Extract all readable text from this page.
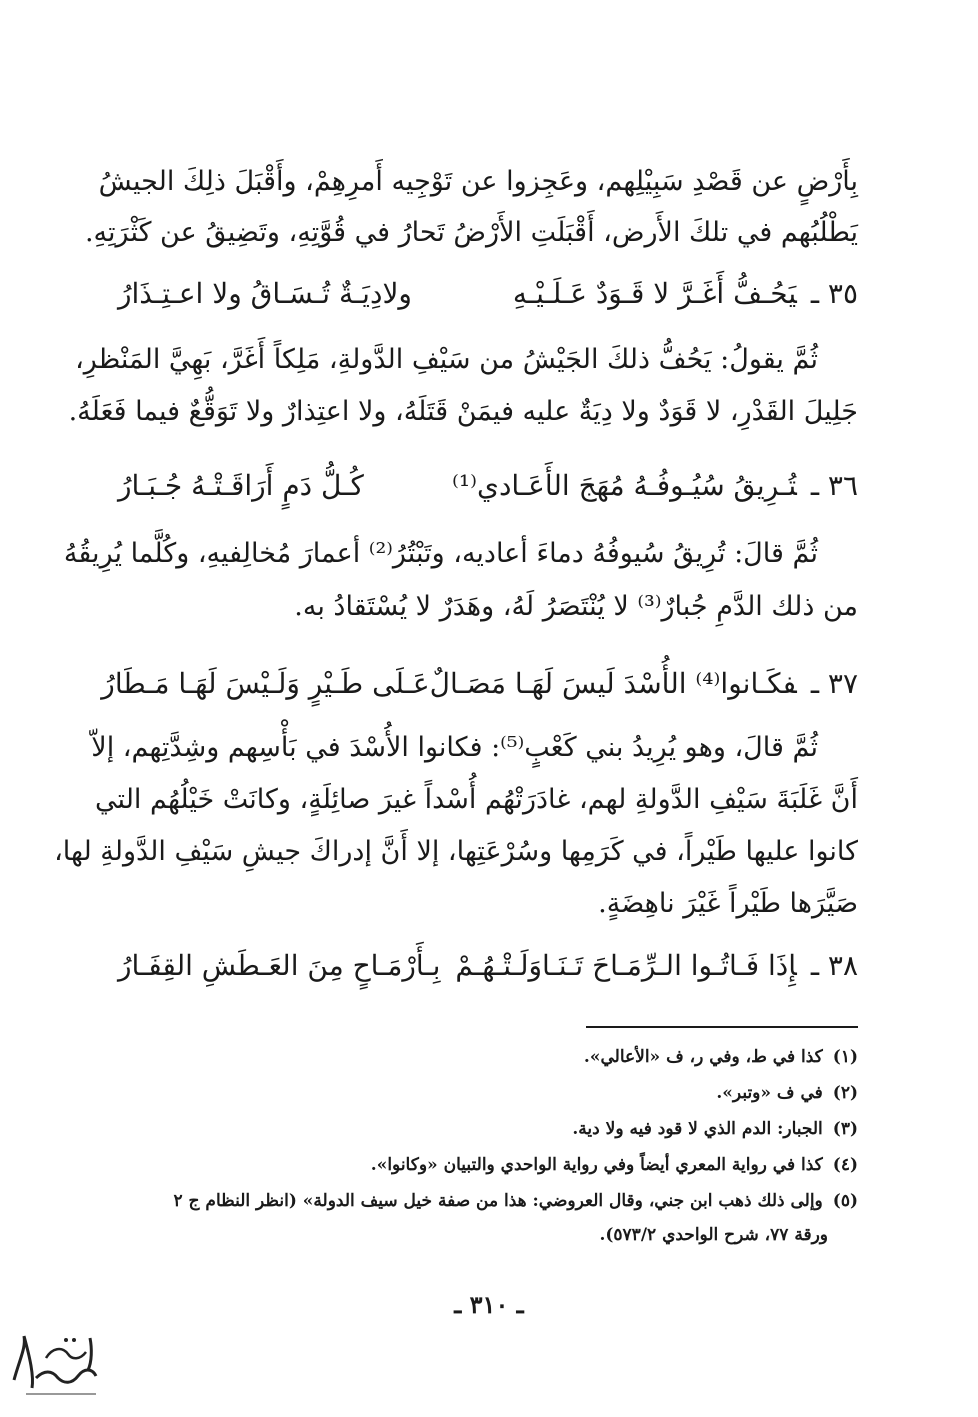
بِأَرْضٍ عن قَصْدِ سَبِيْلِهم، وعَجِزوا عن تَوْجِيه أَمرِهِمْ، وأَقْبَلَ ذلِكَ الجيشُ
يَطْلُبُهم في تلكَ الأَرض، أَقْبَلَتِ الأَرْضُ تَحارُ في قُوَّتِهِ، وتَضِيقُ عن كَثْرَتِهِ.
٣٥ ـيَحُـفُّ أَغَـرَّ لا قَـوَدٌ عَـلَـيْـهِ
ولادِيَـةٌ تُـسَـاقُ ولا اعـتِـذَارُ
ثُمَّ يقولُ: يَحُفُّ ذلكَ الجَيْشُ من سَيْفِ الدَّولةِ، مَلِكاً أَغَرَّ، بَهِيَّ المَنْظرِ،
جَلِيلَ القَدْرِ، لا قَوَدٌ ولا دِيَةٌ عليه فيمَنْ قَتَلَهُ، ولا اعتِذارٌ ولا تَوَقُّعٌ فيما فَعَلَهُ.
٣٦ ـتُـرِيقُ سُيُـوفُـهُ مُهَجَ الأَعَـادي⁽¹⁾
كُـلُّ دَمٍ أَرَاقَـتْـهُ جُـبَـارُ
ثُمَّ قالَ: تُرِيقُ سُيوفُهُ دماءَ أعاديه، وتَبْتُرُ⁽²⁾ أعمارَ مُخالِفيهِ، وكُلَّما يُرِيقُهُ
من ذلك الدَّمِ جُبارٌ⁽³⁾ لا يُنْتَصَرُ لَهُ، وهَدَرٌ لا يُسْتَقادُ به.
٣٧ ـفكَـانوا⁽⁴⁾ الأُسْدَ لَيسَ لَهَـا مَصَـالٌ
عَـلَى طَـيْرٍ وَلَـيْسَ لَهَـا مَـطَارُ
ثُمَّ قالَ، وهو يُرِيدُ بني كَعْبٍ⁽⁵⁾: فكانوا الأُسْدَ في بَأْسِهم وشِدَّتِهم، إلاّ
أَنَّ غَلَبَةَ سَيْفِ الدَّولةِ لهم، غادَرَتْهُم أُسْداً غيرَ صائِلَةٍ، وكانَتْ خَيْلُهُم التي
كانوا عليها طَيْراً، في كَرَمِها وسُرْعَتِها، إلا أَنَّ إدراكَ جيشِ سَيْفِ الدَّولةِ لها،
صَيَّرَها طَيْراً غَيْرَ ناهِضَةٍ.
٣٨ ـإِذَا فَـاتُـوا الـرِّمَـاحَ تَـنَـاوَلَـتْـهُـمْ
بِـأَرْمَـاحٍ مِنَ العَـطَشِ القِفَـارُ
(١)كذا في ط، وفي ر، ف «الأعالي».
(٢)في ف «وتبر».
(٣)الجبار: الدم الذي لا قود فيه ولا دية.
(٤)كذا في رواية المعري أيضاً وفي رواية الواحدي والتبيان «وكانوا».
(٥)وإلى ذلك ذهب ابن جني، وقال العروضي: هذا من صفة خيل سيف الدولة» (انظر النظام ج ٢
ورقة ٧٧، شرح الواحدي ٥٧٣/٢).
ـ ٣١٠ ـ
